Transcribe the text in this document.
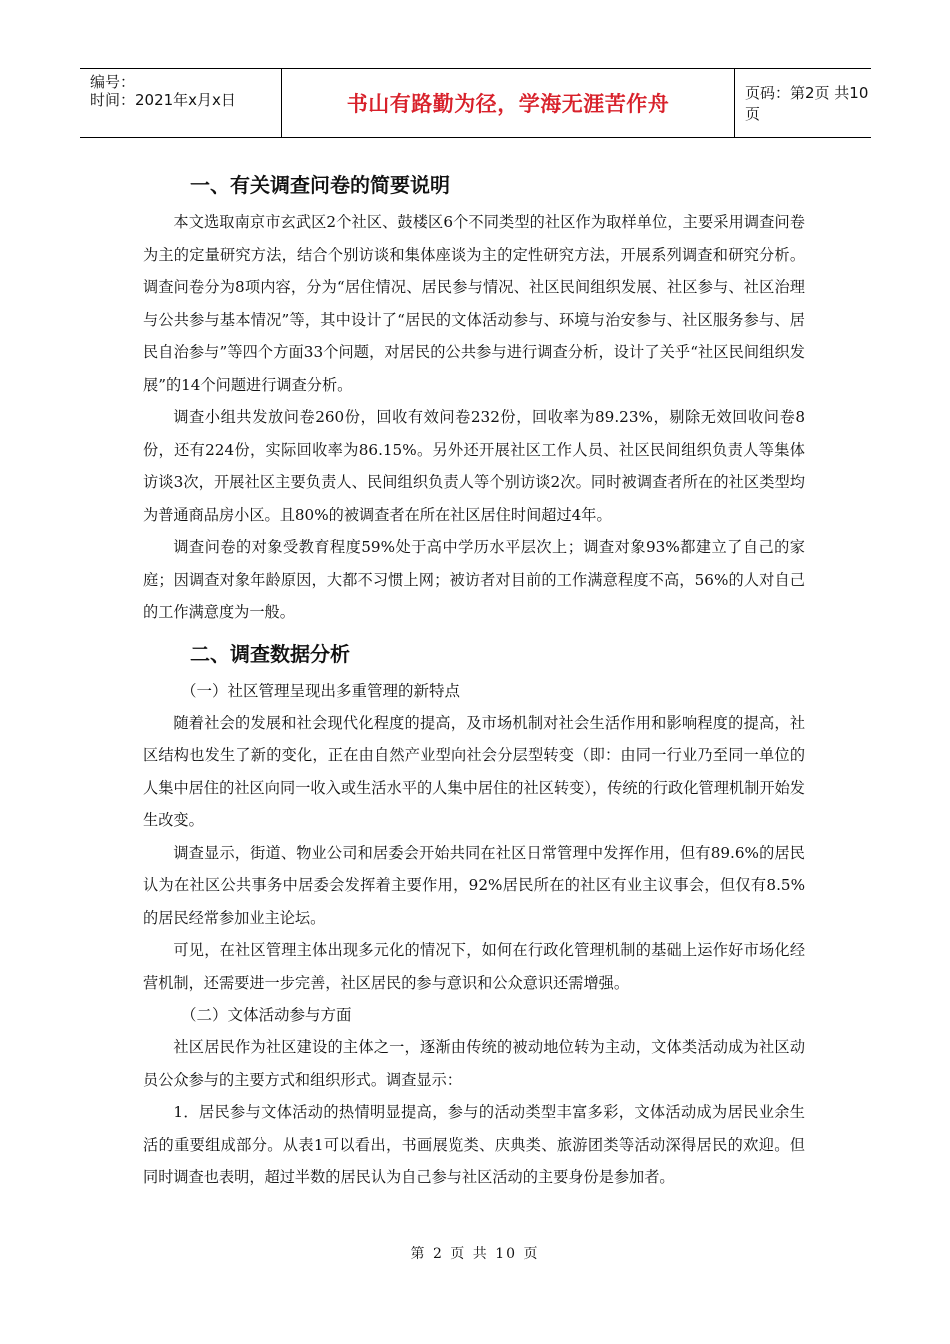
编号：
时间：2021年x月x日	书山有路勤为径，学海无涯苦作舟	页码：第2页 共10页
一、有关调查问卷的简要说明

本文选取南京市玄武区2个社区、鼓楼区6个不同类型的社区作为取样单位，主要采用调查问卷为主的定量研究方法，结合个别访谈和集体座谈为主的定性研究方法，开展系列调查和研究分析。调查问卷分为8项内容，分为“居住情况、居民参与情况、社区民间组织发展、社区参与、社区治理与公共参与基本情况”等，其中设计了“居民的文体活动参与、环境与治安参与、社区服务参与、居民自治参与”等四个方面33个问题，对居民的公共参与进行调查分析，设计了关乎“社区民间组织发展”的14个问题进行调查分析。

调查小组共发放问卷260份，回收有效问卷232份，回收率为89.23%，剔除无效回收问卷8份，还有224份，实际回收率为86.15%。另外还开展社区工作人员、社区民间组织负责人等集体访谈3次，开展社区主要负责人、民间组织负责人等个别访谈2次。同时被调查者所在的社区类型均为普通商品房小区。且80%的被调查者在所在社区居住时间超过4年。

调查问卷的对象受教育程度59%处于高中学历水平层次上；调查对象93%都建立了自己的家庭；因调查对象年龄原因，大都不习惯上网；被访者对目前的工作满意程度不高，56%的人对自己的工作满意度为一般。

二、调查数据分析
（一）社区管理呈现出多重管理的新特点

随着社会的发展和社会现代化程度的提高，及市场机制对社会生活作用和影响程度的提高，社区结构也发生了新的变化，正在由自然产业型向社会分层型转变（即：由同一行业乃至同一单位的人集中居住的社区向同一收入或生活水平的人集中居住的社区转变），传统的行政化管理机制开始发生改变。

调查显示，街道、物业公司和居委会开始共同在社区日常管理中发挥作用，但有89.6%的居民认为在社区公共事务中居委会发挥着主要作用，92%居民所在的社区有业主议事会，但仅有8.5%的居民经常参加业主论坛。

可见，在社区管理主体出现多元化的情况下，如何在行政化管理机制的基础上运作好市场化经营机制，还需要进一步完善，社区居民的参与意识和公众意识还需增强。

（二）文体活动参与方面

社区居民作为社区建设的主体之一，逐渐由传统的被动地位转为主动，文体类活动成为社区动员公众参与的主要方式和组织形式。调查显示：

1．居民参与文体活动的热情明显提高，参与的活动类型丰富多彩，文体活动成为居民业余生活的重要组成部分。从表1可以看出，书画展览类、庆典类、旅游团类等活动深得居民的欢迎。但同时调查也表明，超过半数的居民认为自己参与社区活动的主要身份是参加者。

第 2 页 共 10 页
